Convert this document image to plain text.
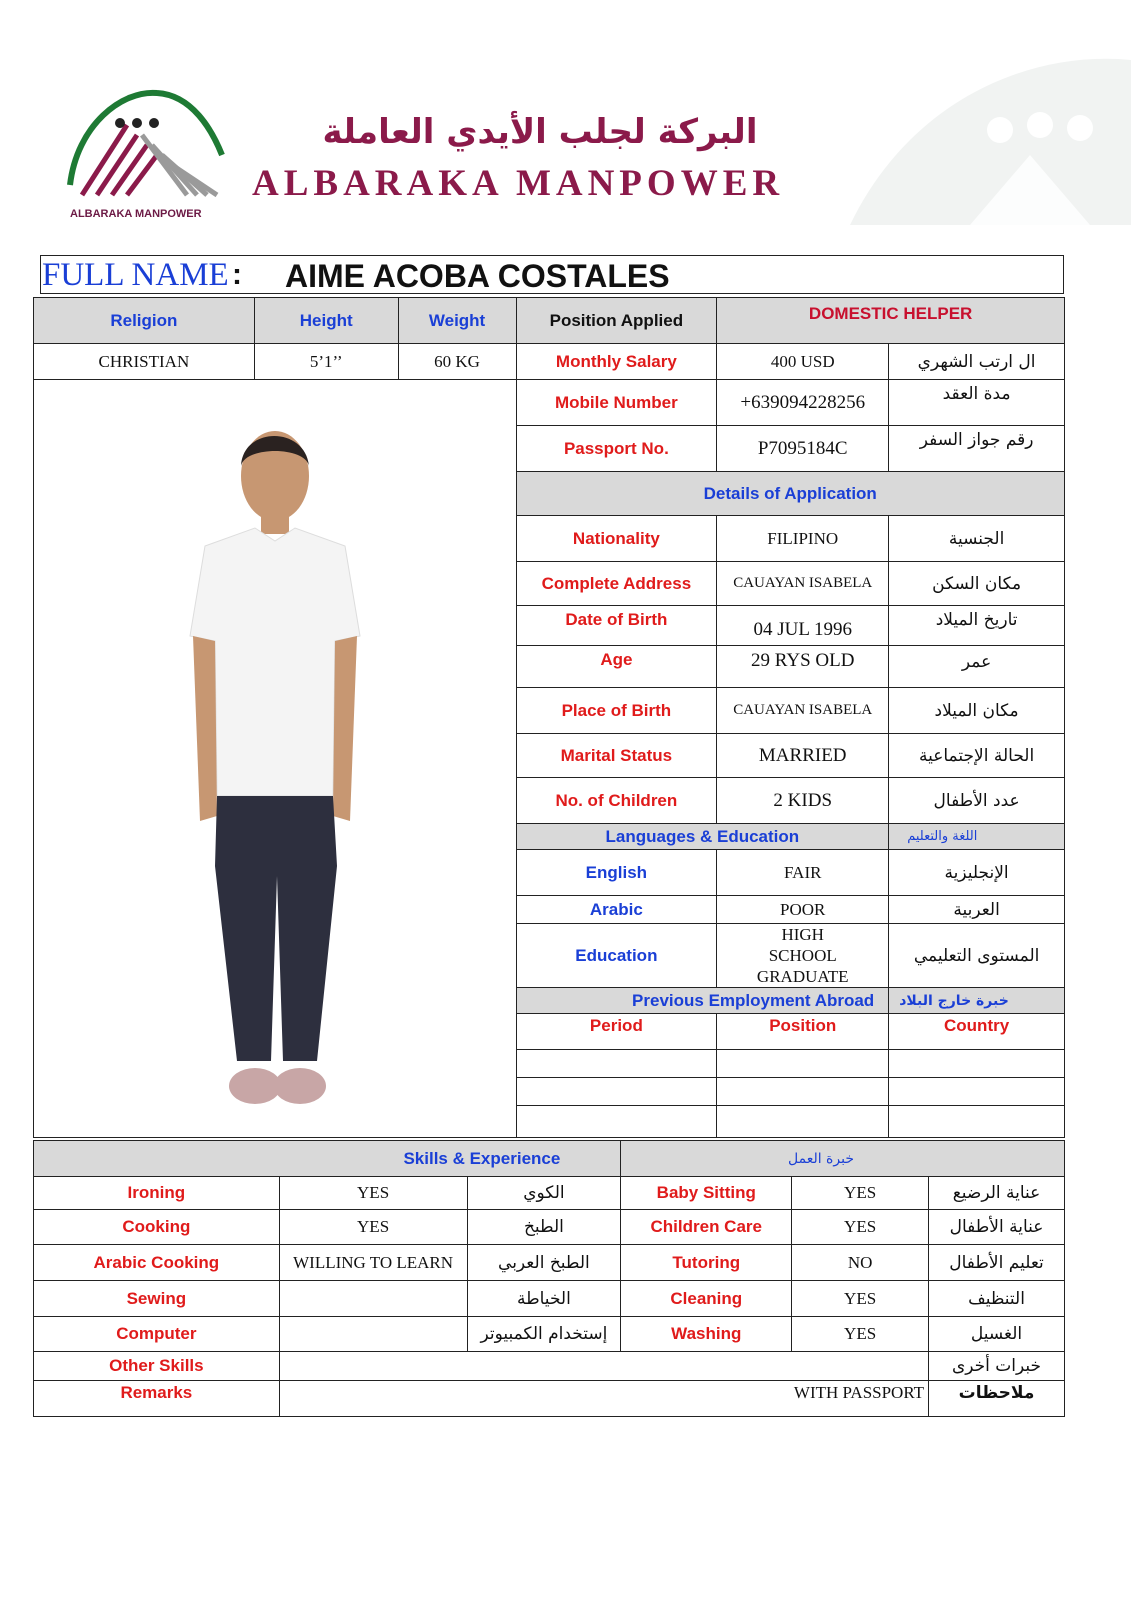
ALBARAKA MANPOWER
البركة لجلب الأيدي العاملة
ALBARAKA MANPOWER
FULL NAME : AIME ACOBA COSTALES
Religion	Height	Weight	Position Applied	DOMESTIC HELPER	
CHRISTIAN	5’1’’	60 KG	Monthly Salary	400 USD	ال ارتب الشهري
	Mobile Number	+639094228256	مدة العقد
			Passport No.	P7095184C	رقم جواز السفر
			Details of Application		
			Nationality	FILIPINO	الجنسية
			Complete Address	CAUAYAN ISABELA	مكان السكن
			Date of Birth	04 JUL 1996	تاريخ الميلاد
			Age	29 RYS OLD	عمر
			Place of Birth	CAUAYAN ISABELA	مكان الميلاد
			Marital Status	MARRIED	الحالة الإجتماعية
			No. of Children	2 KIDS	عدد الأطفال
			Languages & Education		اللغة والتعليم
			English	FAIR	الإنجليزية
			Arabic	POOR	العربية
			Education	HIGH SCHOOL GRADUATE	المستوى التعليمي
			Previous Employment Abroad		خبرة خارج البلاد
			Period	Position	Country

Skills & Experience			خبرة العمل		
Ironing	YES	الكوي	Baby Sitting	YES	عناية الرضيع
Cooking	YES	الطبخ	Children Care	YES	عناية الأطفال
Arabic Cooking	WILLING TO LEARN	الطبخ العربي	Tutoring	NO	تعليم الأطفال
Sewing		الخياطة	Cleaning	YES	التنظيف
Computer		إستخدام الكمبيوتر	Washing	YES	الغسيل
Other Skills					خبرات أخرى
Remarks	WITH PASSPORT				ملاحظات
